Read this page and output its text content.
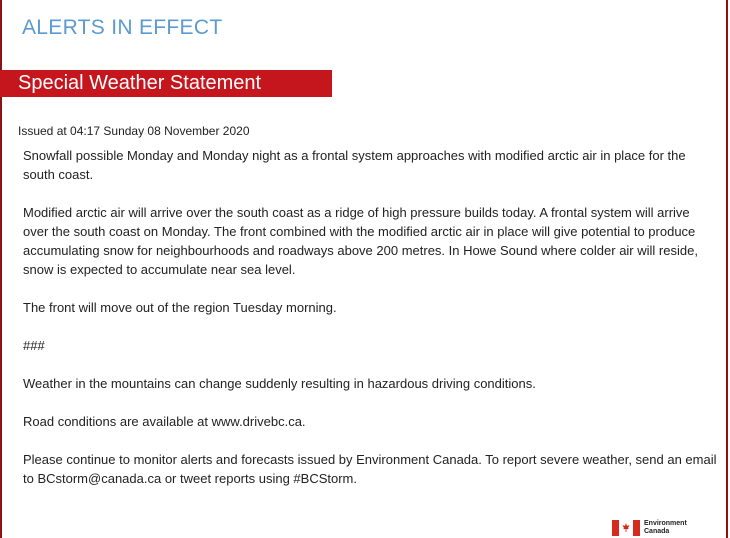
ALERTS IN EFFECT
Special Weather Statement
Issued at 04:17 Sunday 08 November 2020

Snowfall possible Monday and Monday night as a frontal system approaches with modified arctic air in place for the south coast.

Modified arctic air will arrive over the south coast as a ridge of high pressure builds today. A frontal system will arrive over the south coast on Monday. The front combined with the modified arctic air in place will give potential to produce accumulating snow for neighbourhoods and roadways above 200 metres. In Howe Sound where colder air will reside, snow is expected to accumulate near sea level.

The front will move out of the region Tuesday morning.

###

Weather in the mountains can change suddenly resulting in hazardous driving conditions.

Road conditions are available at www.drivebc.ca.

Please continue to monitor alerts and forecasts issued by Environment Canada. To report severe weather, send an email to BCstorm@canada.ca or tweet reports using #BCStorm.

Environment
Canada
